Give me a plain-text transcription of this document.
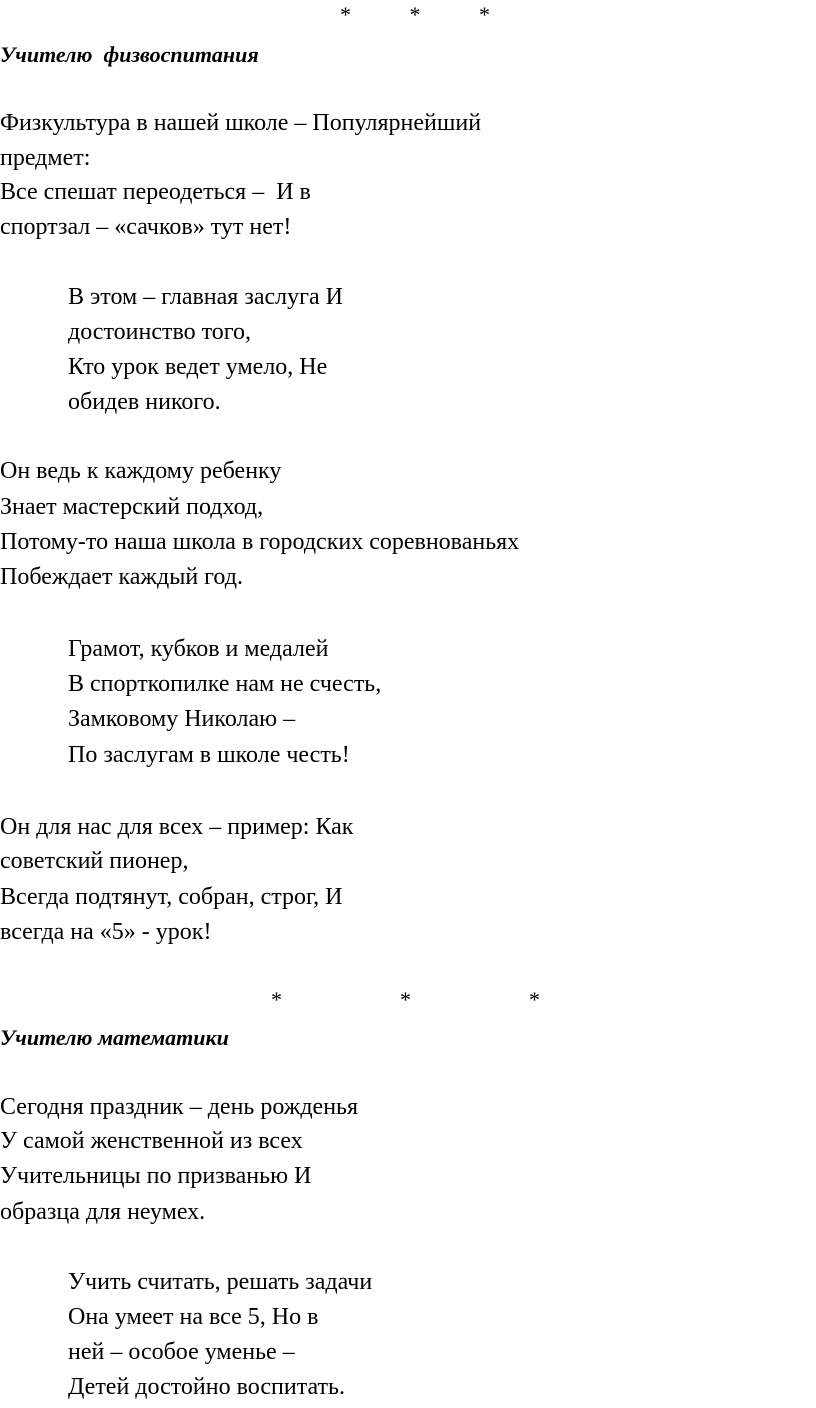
*   *   *
Учителю  физвоспитания
Физкультура в нашей школе – Популярнейший
предмет:
Все спешат переодеться –  И в
спортзал – «сачков» тут нет!
В этом – главная заслуга И
достоинство того,
Кто урок ведет умело, Не
обидев никого.
Он ведь к каждому ребенку
Знает мастерский подход,
Потому-то наша школа в городских соревнованьях
Побеждает каждый год.
Грамот, кубков и медалей
В спорткопилке нам не счесть,
Замковому Николаю –
По заслугам в школе честь!
Он для нас для всех – пример: Как
советский пионер,
Всегда подтянут, собран, строг, И
всегда на «5» - урок!
*    *    *
Учителю математики
Сегодня праздник – день рожденья
У самой женственной из всех
Учительницы по призванью И
образца для неумех.
Учить считать, решать задачи
Она умеет на все 5, Но в
ней – особое уменье –
Детей достойно воспитать.
